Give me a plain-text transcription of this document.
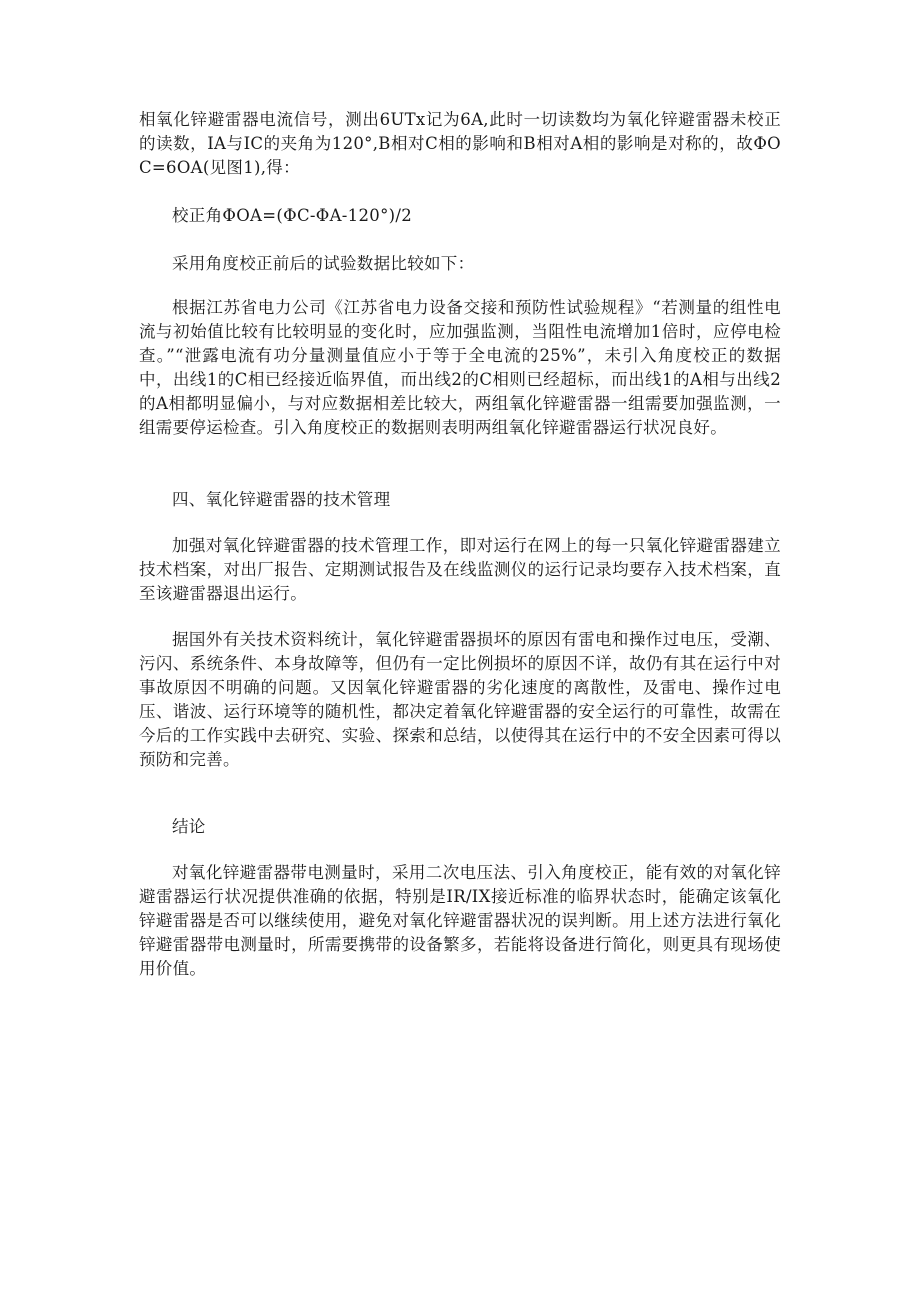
相氧化锌避雷器电流信号，测出6UTx记为6A,此时一切读数均为氧化锌避雷器未校正的读数，IA与IC的夹角为120°,B相对C相的影响和B相对A相的影响是对称的，故ΦOC=6OA(见图1),得：

校正角ΦOA=(ΦC-ΦA-120°)/2

采用角度校正前后的试验数据比较如下：

根据江苏省电力公司《江苏省电力设备交接和预防性试验规程》“若测量的组性电流与初始值比较有比较明显的变化时，应加强监测，当阻性电流增加1倍时，应停电检查。”“泄露电流有功分量测量值应小于等于全电流的25%”，未引入角度校正的数据中，出线1的C相已经接近临界值，而出线2的C相则已经超标，而出线1的A相与出线2的A相都明显偏小，与对应数据相差比较大，两组氧化锌避雷器一组需要加强监测，一组需要停运检查。引入角度校正的数据则表明两组氧化锌避雷器运行状况良好。

四、氧化锌避雷器的技术管理

加强对氧化锌避雷器的技术管理工作，即对运行在网上的每一只氧化锌避雷器建立技术档案，对出厂报告、定期测试报告及在线监测仪的运行记录均要存入技术档案，直至该避雷器退出运行。

据国外有关技术资料统计，氧化锌避雷器损坏的原因有雷电和操作过电压，受潮、污闪、系统条件、本身故障等，但仍有一定比例损坏的原因不详，故仍有其在运行中对事故原因不明确的问题。又因氧化锌避雷器的劣化速度的离散性，及雷电、操作过电压、谐波、运行环境等的随机性，都决定着氧化锌避雷器的安全运行的可靠性，故需在今后的工作实践中去研究、实验、探索和总结，以使得其在运行中的不安全因素可得以预防和完善。

结论

对氧化锌避雷器带电测量时，采用二次电压法、引入角度校正，能有效的对氧化锌避雷器运行状况提供准确的依据，特别是IR/IX接近标准的临界状态时，能确定该氧化锌避雷器是否可以继续使用，避免对氧化锌避雷器状况的误判断。用上述方法进行氧化锌避雷器带电测量时，所需要携带的设备繁多，若能将设备进行简化，则更具有现场使用价值。
